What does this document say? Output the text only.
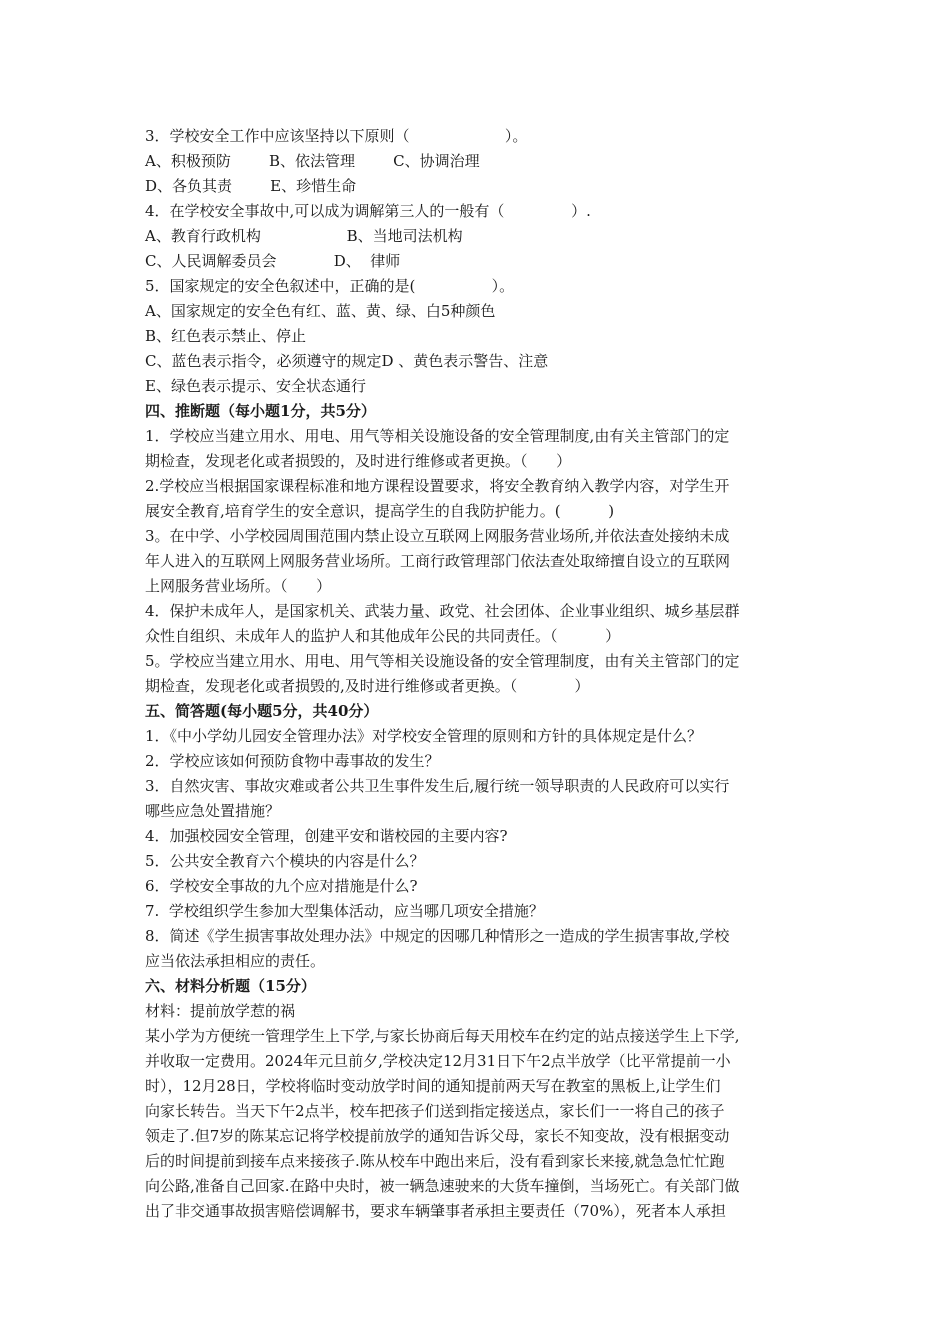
3．学校安全工作中应该坚持以下原则（                    ）。
A、积极预防        B、依法管理        C、协调治理
D、各负其责        E、珍惜生命
4．在学校安全事故中,可以成为调解第三人的一般有（              ）.
A、教育行政机构                  B、当地司法机构
C、人民调解委员会            D、  律师
5．国家规定的安全色叙述中，正确的是(                ）。
A、国家规定的安全色有红、蓝、黄、绿、白5种颜色
B、红色表示禁止、停止
C、蓝色表示指令，必须遵守的规定D 、黄色表示警告、注意
E、绿色表示提示、安全状态通行
四、推断题（每小题1分，共5分）
1．学校应当建立用水、用电、用气等相关设施设备的安全管理制度,由有关主管部门的定
期检查，发现老化或者损毁的，及时进行维修或者更换。（      ）
2.学校应当根据国家课程标准和地方课程设置要求，将安全教育纳入教学内容，对学生开
展安全教育,培育学生的安全意识，提高学生的自我防护能力。(          )
3。在中学、小学校园周围范围内禁止设立互联网上网服务营业场所,并依法查处接纳未成
年人进入的互联网上网服务营业场所。工商行政管理部门依法查处取缔擅自设立的互联网
上网服务营业场所。（      ）
4．保护未成年人，是国家机关、武装力量、政党、社会团体、企业事业组织、城乡基层群
众性自组织、未成年人的监护人和其他成年公民的共同责任。（          ）
5。学校应当建立用水、用电、用气等相关设施设备的安全管理制度，由有关主管部门的定
期检查，发现老化或者损毁的,及时进行维修或者更换。（            ）
五、简答题(每小题5分，共40分）
1．《中小学幼儿园安全管理办法》对学校安全管理的原则和方针的具体规定是什么？
2．学校应该如何预防食物中毒事故的发生？
3．自然灾害、事故灾难或者公共卫生事件发生后,履行统一领导职责的人民政府可以实行
哪些应急处置措施？
4．加强校园安全管理，创建平安和谐校园的主要内容?
5．公共安全教育六个模块的内容是什么？
6．学校安全事故的九个应对措施是什么?
7.  学校组织学生参加大型集体活动，应当哪几项安全措施？
8．简述《学生损害事故处理办法》中规定的因哪几种情形之一造成的学生损害事故,学校
应当依法承担相应的责任。
六、材料分析题（15分）
材料：提前放学惹的祸
某小学为方便统一管理学生上下学,与家长协商后每天用校车在约定的站点接送学生上下学,
并收取一定费用。2024年元旦前夕,学校决定12月31日下午2点半放学（比平常提前一小
时），12月28日，学校将临时变动放学时间的通知提前两天写在教室的黑板上,让学生们
向家长转告。当天下午2点半，校车把孩子们送到指定接送点，家长们一一将自己的孩子
领走了.但7岁的陈某忘记将学校提前放学的通知告诉父母，家长不知变故，没有根据变动
后的时间提前到接车点来接孩子.陈从校车中跑出来后，没有看到家长来接,就急急忙忙跑
向公路,准备自己回家.在路中央时，被一辆急速驶来的大货车撞倒，当场死亡。有关部门做
出了非交通事故损害赔偿调解书，要求车辆肇事者承担主要责任（70%），死者本人承担
